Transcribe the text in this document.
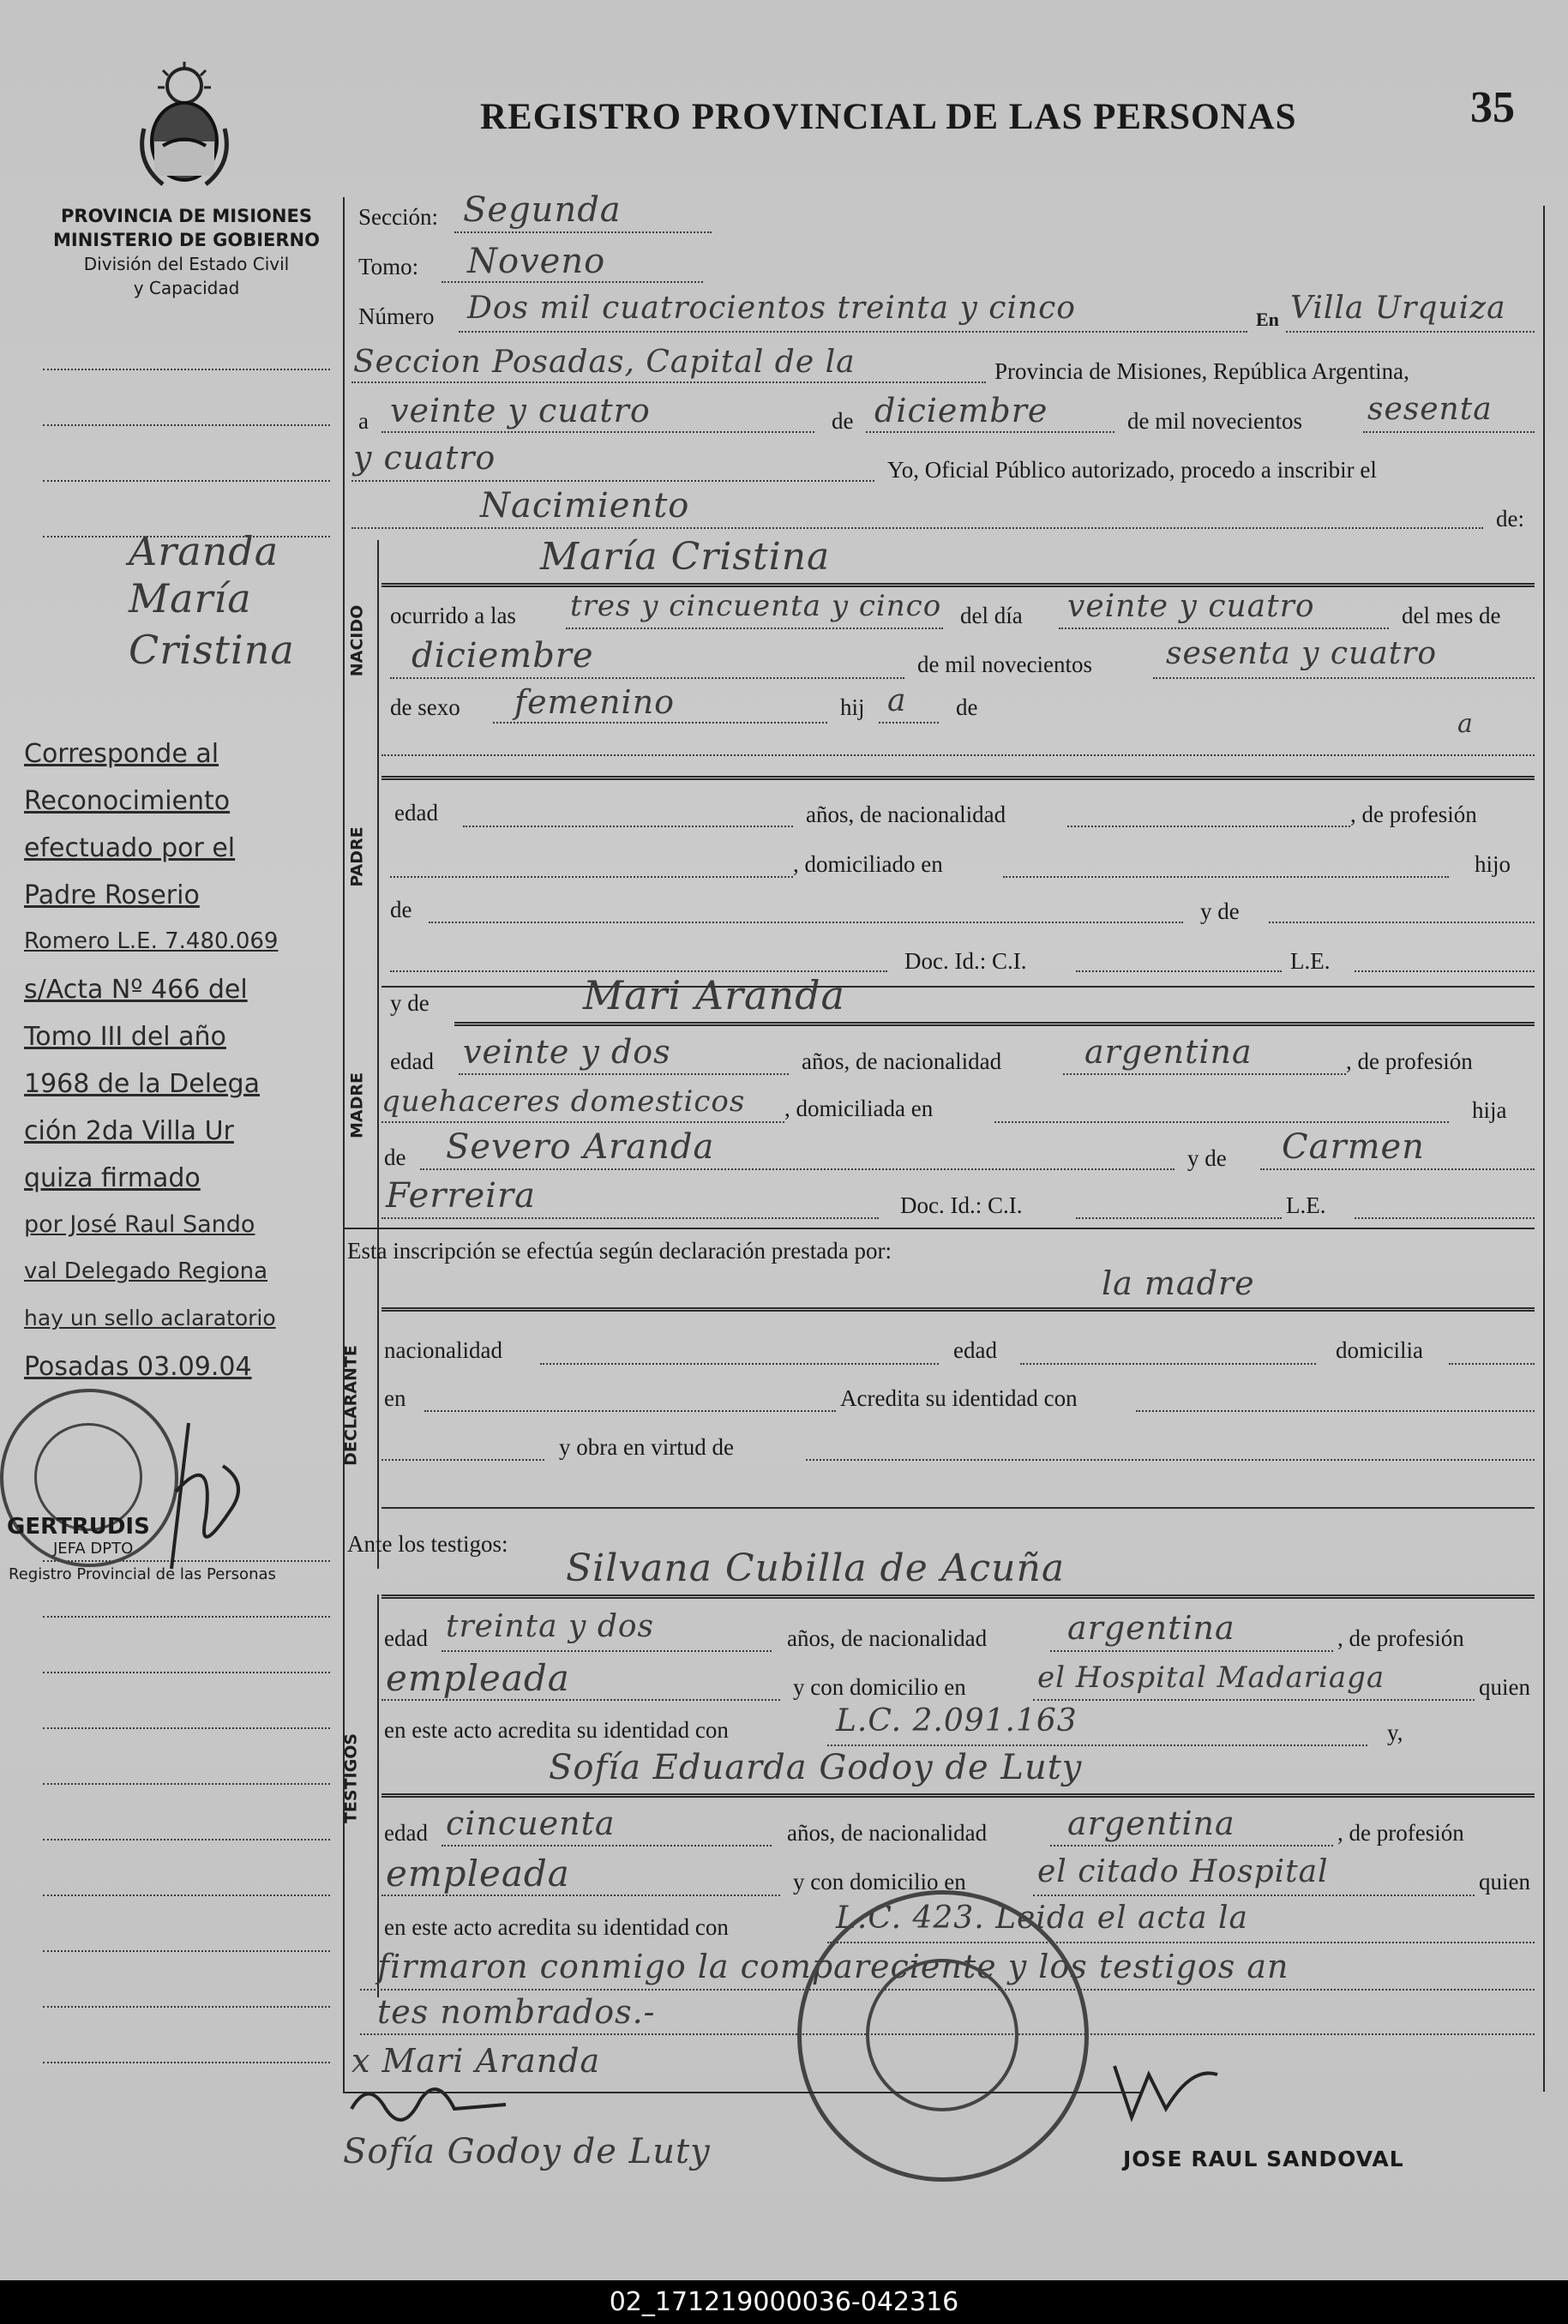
REGISTRO PROVINCIAL DE LAS PERSONAS	35
PROVINCIA DE MISIONES
MINISTERIO DE GOBIERNO
División del Estado Civil
y Capacidad
Aranda
María
Cristina
Corresponde al
Reconocimiento
efectuado por el
Padre Roserio
Romero L.E. 7.480.069
s/Acta Nº 466 del
Tomo III del año
1968 de la Delega
ción 2da Villa Ur
quiza firmado
por José Raul Sando
val Delegado Regiona
hay un sello aclaratorio
Posadas 03.09.04
GERTRUDIS
JEFA DPTO
Registro Provincial de las Personas
Sección: Segunda
Tomo: Noveno
Número Dos mil cuatrocientos treinta y cinco	En Villa Urquiza
Seccion Posadas, Capital de la	Provincia de Misiones, República Argentina,
a veinte y cuatro	de diciembre	de mil novecientos sesenta
y cuatro	Yo, Oficial Público autorizado, procedo a inscribir el
Nacimiento	de:
NACIDO
María Cristina
ocurrido a las tres y cincuenta y cinco del día veinte y cuatro	del mes de
diciembre	de mil novecientos sesenta y cuatro
de sexo femenino	hij a de
a
PADRE
edad	años, de nacionalidad	, de profesión
, domiciliado en	hijo
de	y de
Doc. Id.: C.I.	L.E.
MADRE
y de	Mari Aranda
edad veinte y dos	años, de nacionalidad	argentina	, de profesión
quehaceres domesticos , domiciliada en	hija
de Severo Aranda	y de Carmen
Ferreira	Doc. Id.: C.I.	L.E.
Esta inscripción se efectúa según declaración prestada por:
DECLARANTE
la madre
nacionalidad	edad	domicilia
en	Acredita su identidad con
y obra en virtud de
Ante los testigos:
TESTIGOS
Silvana Cubilla de Acuña
edad treinta y dos	años, de nacionalidad argentina	, de profesión
empleada	y con domicilio en el Hospital Madariaga	quien
en este acto acredita su identidad con	L.C. 2.091.163	y,
Sofía Eduarda Godoy de Luty
edad cincuenta	años, de nacionalidad argentina	, de profesión
empleada	y con domicilio en el citado Hospital	quien
en este acto acredita su identidad con	L.C. 423. Leida el acta la
firmaron conmigo la compareciente y los testigos an
tes nombrados.-
x Mari Aranda
Sofía Godoy de Luty	JOSE RAUL SANDOVAL
02_171219000036-042316
